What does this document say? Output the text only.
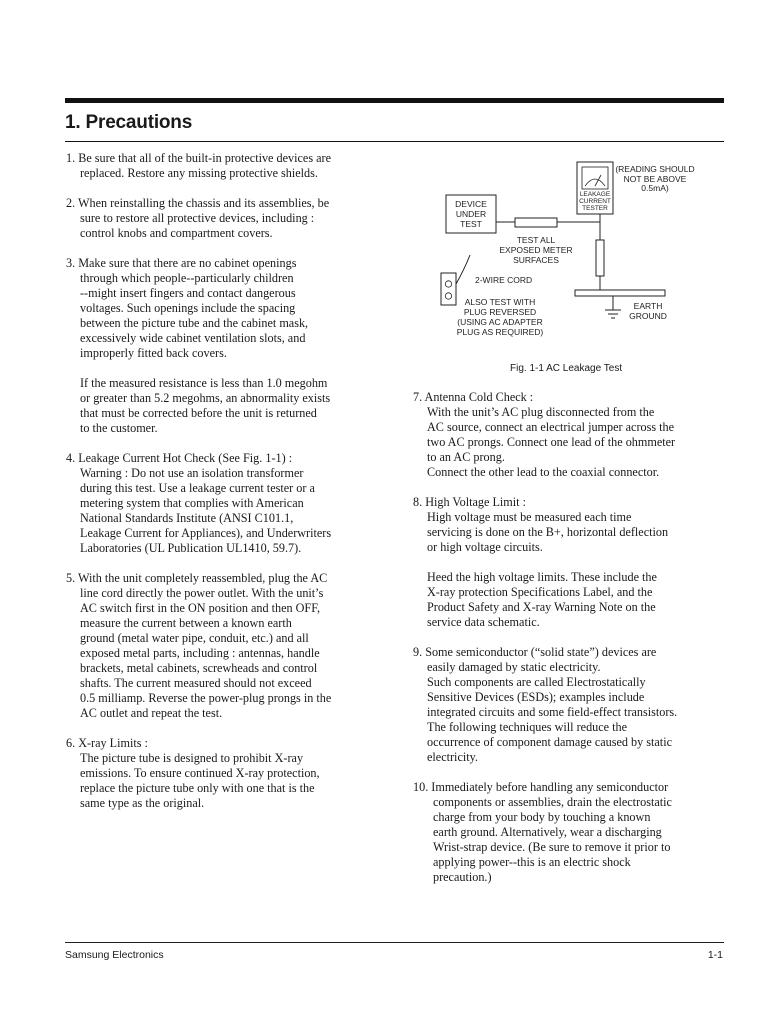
1. Precautions
1. Be sure that all of the built-in protective devices are
replaced. Restore any missing protective shields.
2. When reinstalling the chassis and its assemblies, be
sure to restore all protective devices, including :
control knobs and compartment covers.
3. Make sure that there are no cabinet openings
through which people--particularly children
--might insert fingers and contact dangerous
voltages. Such openings include the spacing
between the picture tube and the cabinet mask,
excessively wide cabinet ventilation slots, and
improperly fitted back covers.
If the measured resistance is less than 1.0 megohm
or greater than 5.2 megohms, an abnormality exists
that must be corrected before the unit is returned
to the customer.
4. Leakage Current Hot Check (See Fig. 1-1) :
Warning : Do not use an isolation transformer
during this test. Use a leakage current tester or a
metering system that complies with American
National Standards Institute (ANSI C101.1,
Leakage Current for Appliances), and Underwriters
Laboratories (UL Publication UL1410, 59.7).
5. With the unit completely reassembled, plug the AC
line cord directly the power outlet. With the unit’s
AC switch first in the ON position and then OFF,
measure the current between a known earth
ground (metal water pipe, conduit, etc.) and all
exposed metal parts, including : antennas, handle
brackets, metal cabinets, screwheads and control
shafts. The current measured should not exceed
0.5 milliamp. Reverse the power-plug prongs in the
AC outlet and repeat the test.
6. X-ray Limits :
The picture tube is designed to prohibit X-ray
emissions. To ensure continued X-ray protection,
replace the picture tube only with one that is the
same type as the original.
DEVICE
UNDER
TEST
LEAKAGE
CURRENT
TESTER
(READING SHOULD
NOT BE ABOVE
0.5mA)
TEST ALL
EXPOSED METER
SURFACES
2-WIRE CORD
ALSO TEST WITH
PLUG REVERSED
(USING AC ADAPTER
PLUG AS REQUIRED)
EARTH
GROUND
Fig. 1-1 AC Leakage Test
7. Antenna Cold Check :
With the unit’s AC plug disconnected from the
AC source, connect an electrical jumper across the
two AC prongs. Connect one lead of the ohmmeter
to an AC prong.
Connect the other lead to the coaxial connector.
8. High Voltage Limit :
High voltage must be measured each time
servicing is done on the B+, horizontal deflection
or high voltage circuits.
Heed the high voltage limits. These include the
X-ray protection Specifications Label, and the
Product Safety and X-ray Warning Note on the
service data schematic.
9. Some semiconductor (“solid state”) devices are
easily damaged by static electricity.
Such components are called Electrostatically
Sensitive Devices (ESDs); examples include
integrated circuits and some field-effect transistors.
The following techniques will reduce the
occurrence of component damage caused by static
electricity.
10. Immediately before handling any semiconductor
components or assemblies, drain the electrostatic
charge from your body by touching a known
earth ground. Alternatively, wear a discharging
Wrist-strap device. (Be sure to remove it prior to
applying power--this is an electric shock
precaution.)
Samsung Electronics	1-1
